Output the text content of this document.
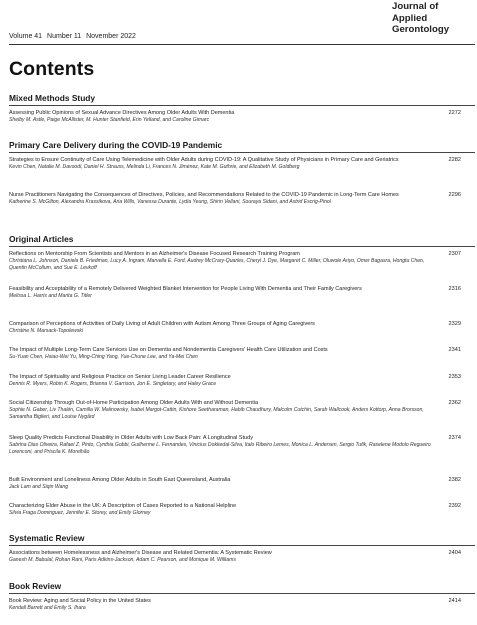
Journal of
Applied
Gerontology
Volume 41 Number 11 November 2022
Contents
Mixed Methods Study
Assessing Public Opinions of Sexual Advance Directives Among Older Adults With Dementia
Shelby M. Astle, Paige McAllister, M. Hunter Stanfield, Erin Yelland, and Caroline Gimarc
2272
Primary Care Delivery during the COVID-19 Pandemic
Strategies to Ensure Continuity of Care Using Telemedicine with Older Adults during COVID-19: A Qualitative Study of Physicians in Primary Care and Geriatrics
Kevin Chen, Natalie M. Davoodi, Daniel H. Strauss, Melinda Li, Frances N. Jiménez, Kate M. Guthrie, and Elizabeth M. Goldberg
2282
Nurse Practitioners Navigating the Consequences of Directives, Policies, and Recommendations Related to the COVID-19 Pandemic in Long-Term Care Homes
Katherine S. McGilton, Alexandra Krassikova, Aria Wills, Vanessa Durante, Lydia Yeung, Shirin Vellani, Souraya Sidani, and Astrid Escrig-Pinol
2296
Original Articles
Reflections on Mentorship From Scientists and Mentors in an Alzheimer's Disease Focused Research Training Program
Christiana L. Johnson, Daniela B. Friedman, Lucy A. Ingram, Marvella E. Ford, Audrey McCrary-Quarles, Cheryl J. Dye, Margaret C. Miller, Oluwole Ariyo, Omer Bagasra, Hongtu Chen, Quentin McCollum, and Sue E. Levkoff
2307
Feasibility and Acceptability of a Remotely Delivered Weighted Blanket Intervention for People Living With Dementia and Their Family Caregivers
Melissa L. Harris and Marita G. Titler
2316
Comparison of Perceptions of Activities of Daily Living of Adult Children with Autism Among Three Groups of Aging Caregivers
Christine N. Marsack-Topolewski
2329
The Impact of Multiple Long-Term Care Services Use on Dementia and Nondementia Caregivers' Health Care Utilization and Costs
Su-Yuan Chen, Hsiao-Wei Yu, Ming-Ching Yang, Yue-Chune Lee, and Ya-Mei Chen
2341
The Impact of Spirituality and Religious Practice on Senior Living Leader Career Resilience
Dennis R. Myers, Robin K. Rogers, Brianna V. Garrison, Jon E. Singletary, and Haley Grace
2353
Social Citizenship Through Out-of-Home Participation Among Older Adults With and Without Dementia
Sophie N. Gaber, Liv Thalén, Camilla W. Malinowsky, Isabel Margot-Cattin, Kishore Seetharaman, Habib Chaudhury, Malcolm Cutchin, Sarah Wallcook, Anders Kottorp, Anna Brorsson, Samantha Biglieri, and Louise Nygård
2362
Sleep Quality Predicts Functional Disability in Older Adults with Low Back Pain: A Longitudinal Study
Sabrina Dias Oliveira, Rafael Z. Pinto, Cynthia Gobbi, Guilherme L. Fernandes, Vinicius Dokkedal-Silva, Italo Ribeiro Lemes, Monica L. Andersen, Sergio Tufik, Raselene Modolo Regueiro Lorenconi, and Priscila K. Morelhão
2374
Built Environment and Loneliness Among Older Adults in South East Queensland, Australia
Jack Lam and Siqin Wang
2382
Characterizing Elder Abuse in the UK: A Description of Cases Reported to a National Helpline
Silvia Fraga Dominguez, Jennifer E. Storey, and Emily Glorney
2392
Systematic Review
Associations between Homelessness and Alzheimer's Disease and Related Dementia: A Systematic Review
Ganesh M. Babulal, Rohan Rani, Paris Adkins-Jackson, Adam C. Pearson, and Monique M. Williams
2404
Book Review
Book Review: Aging and Social Policy in the United States
Kendall Barrett and Emily S. Ihara
2414
